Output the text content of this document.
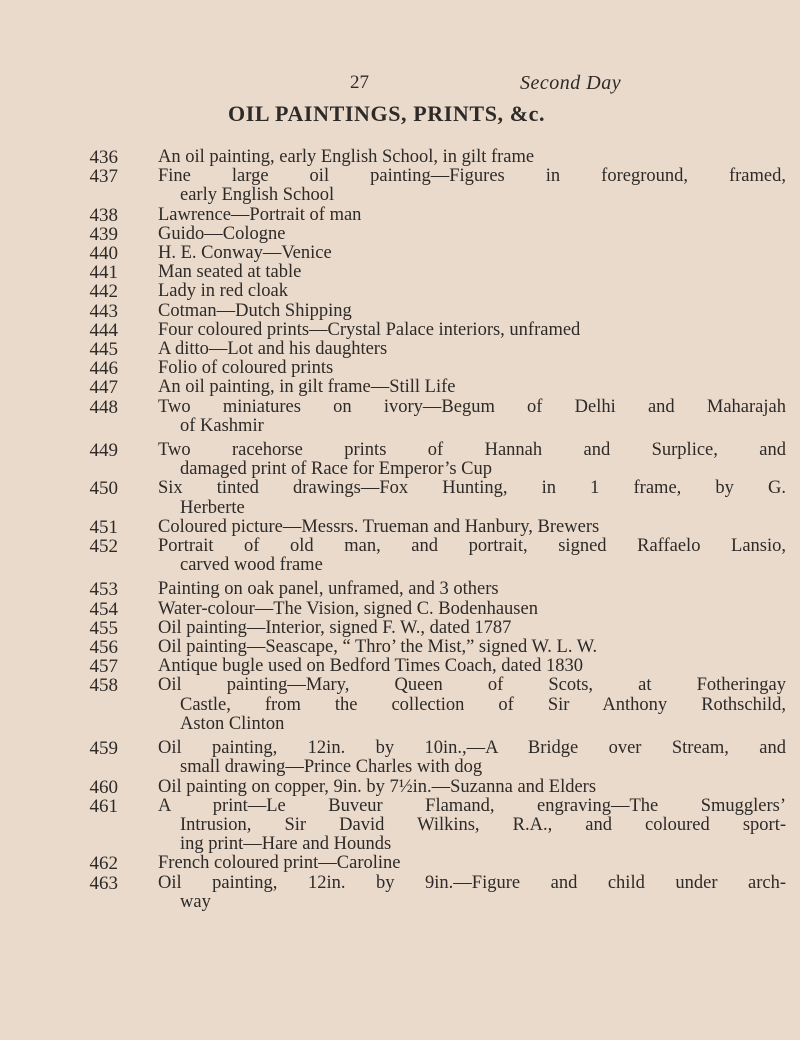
27	Second Day
OIL PAINTINGS, PRINTS, &c.
436 An oil painting, early English School, in gilt frame
437 Fine large oil painting—Figures in foreground, framed,
early English School
438 Lawrence—Portrait of man
439 Guido—Cologne
440 H. E. Conway—Venice
441 Man seated at table
442 Lady in red cloak
443 Cotman—Dutch Shipping
444 Four coloured prints—Crystal Palace interiors, unframed
445 A ditto—Lot and his daughters
446 Folio of coloured prints
447 An oil painting, in gilt frame—Still Life
448 Two miniatures on ivory—Begum of Delhi and Maharajah
of Kashmir
449 Two racehorse prints of Hannah and Surplice, and
damaged print of Race for Emperor’s Cup
450 Six tinted drawings—Fox Hunting, in 1 frame, by G.
Herberte
451 Coloured picture—Messrs. Trueman and Hanbury, Brewers
452 Portrait of old man, and portrait, signed Raffaelo Lansio,
carved wood frame
453 Painting on oak panel, unframed, and 3 others
454 Water-colour—The Vision, signed C. Bodenhausen
455 Oil painting—Interior, signed F. W., dated 1787
456 Oil painting—Seascape, “ Thro’ the Mist,” signed W. L. W.
457 Antique bugle used on Bedford Times Coach, dated 1830
458 Oil painting—Mary, Queen of Scots, at Fotheringay
Castle, from the collection of Sir Anthony Rothschild,
Aston Clinton
459 Oil painting, 12in. by 10in.,—A Bridge over Stream, and
small drawing—Prince Charles with dog
460 Oil painting on copper, 9in. by 7½in.—Suzanna and Elders
461 A print—Le Buveur Flamand, engraving—The Smugglers’
Intrusion, Sir David Wilkins, R.A., and coloured sport-
ing print—Hare and Hounds
462 French coloured print—Caroline
463 Oil painting, 12in. by 9in.—Figure and child under arch-
way
